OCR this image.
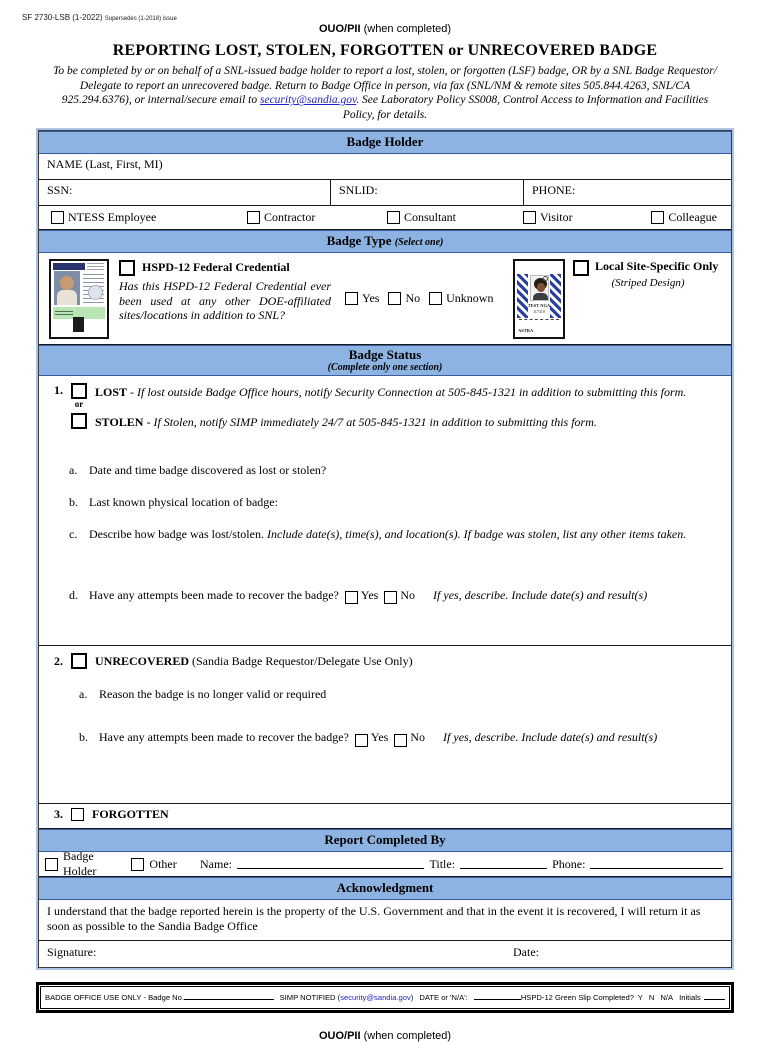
SF 2730-LSB (1-2022) Supersedes (1-2018) issue
OUO/PII (when completed)
REPORTING LOST, STOLEN, FORGOTTEN or UNRECOVERED BADGE
To be completed by or on behalf of a SNL-issued badge holder to report a lost, stolen, or forgotten (LSF) badge, OR by a SNL Badge Requestor/ Delegate to report an unrecovered badge. Return to Badge Office in person, via fax (SNL/NM & remote sites 505.844.4263, SNL/CA 925.294.6376), or internal/secure email to security@sandia.gov. See Laboratory Policy SS008, Control Access to Information and Facilities Policy, for details.
Badge Holder
NAME (Last, First, MI)
SSN:	SNLID:	PHONE:
NTESS Employee	Contractor	Consultant	Visitor	Colleague
Badge Type (Select one)
HSPD-12 Federal Credential
Has this HSPD-12 Federal Credential ever been used at any other DOE-affiliated sites/locations in addition to SNL?
Yes No Unknown
TEST NGA
117310
ASTRA
Local Site-Specific Only
(Striped Design)
Badge Status
(Complete only one section)
1.
or
LOST - If lost outside Badge Office hours, notify Security Connection at 505-845-1321 in addition to submitting this form.
STOLEN - If Stolen, notify SIMP immediately 24/7 at 505-845-1321 in addition to submitting this form.
a. Date and time badge discovered as lost or stolen?
b. Last known physical location of badge:
c. Describe how badge was lost/stolen. Include date(s), time(s), and location(s). If badge was stolen, list any other items taken.
d. Have any attempts been made to recover the badge? Yes No If yes, describe. Include date(s) and result(s)
2.	UNRECOVERED (Sandia Badge Requestor/Delegate Use Only)
a. Reason the badge is no longer valid or required
b. Have any attempts been made to recover the badge? Yes No If yes, describe. Include date(s) and result(s)
3. FORGOTTEN
Report Completed By
Badge Holder
Other Name:	Title:	Phone:
Acknowledgment
I understand that the badge reported herein is the property of the U.S. Government and that in the event it is recovered, I will return it as soon as possible to the Sandia Badge Office
Signature:	Date:
BADGE OFFICE USE ONLY - Badge No.	SIMP NOTIFIED ( security@sandia.gov ) DATE or 'N/A':	HSPD-12 Green Slip Completed? Y N N/A Initials
OUO/PII (when completed)
